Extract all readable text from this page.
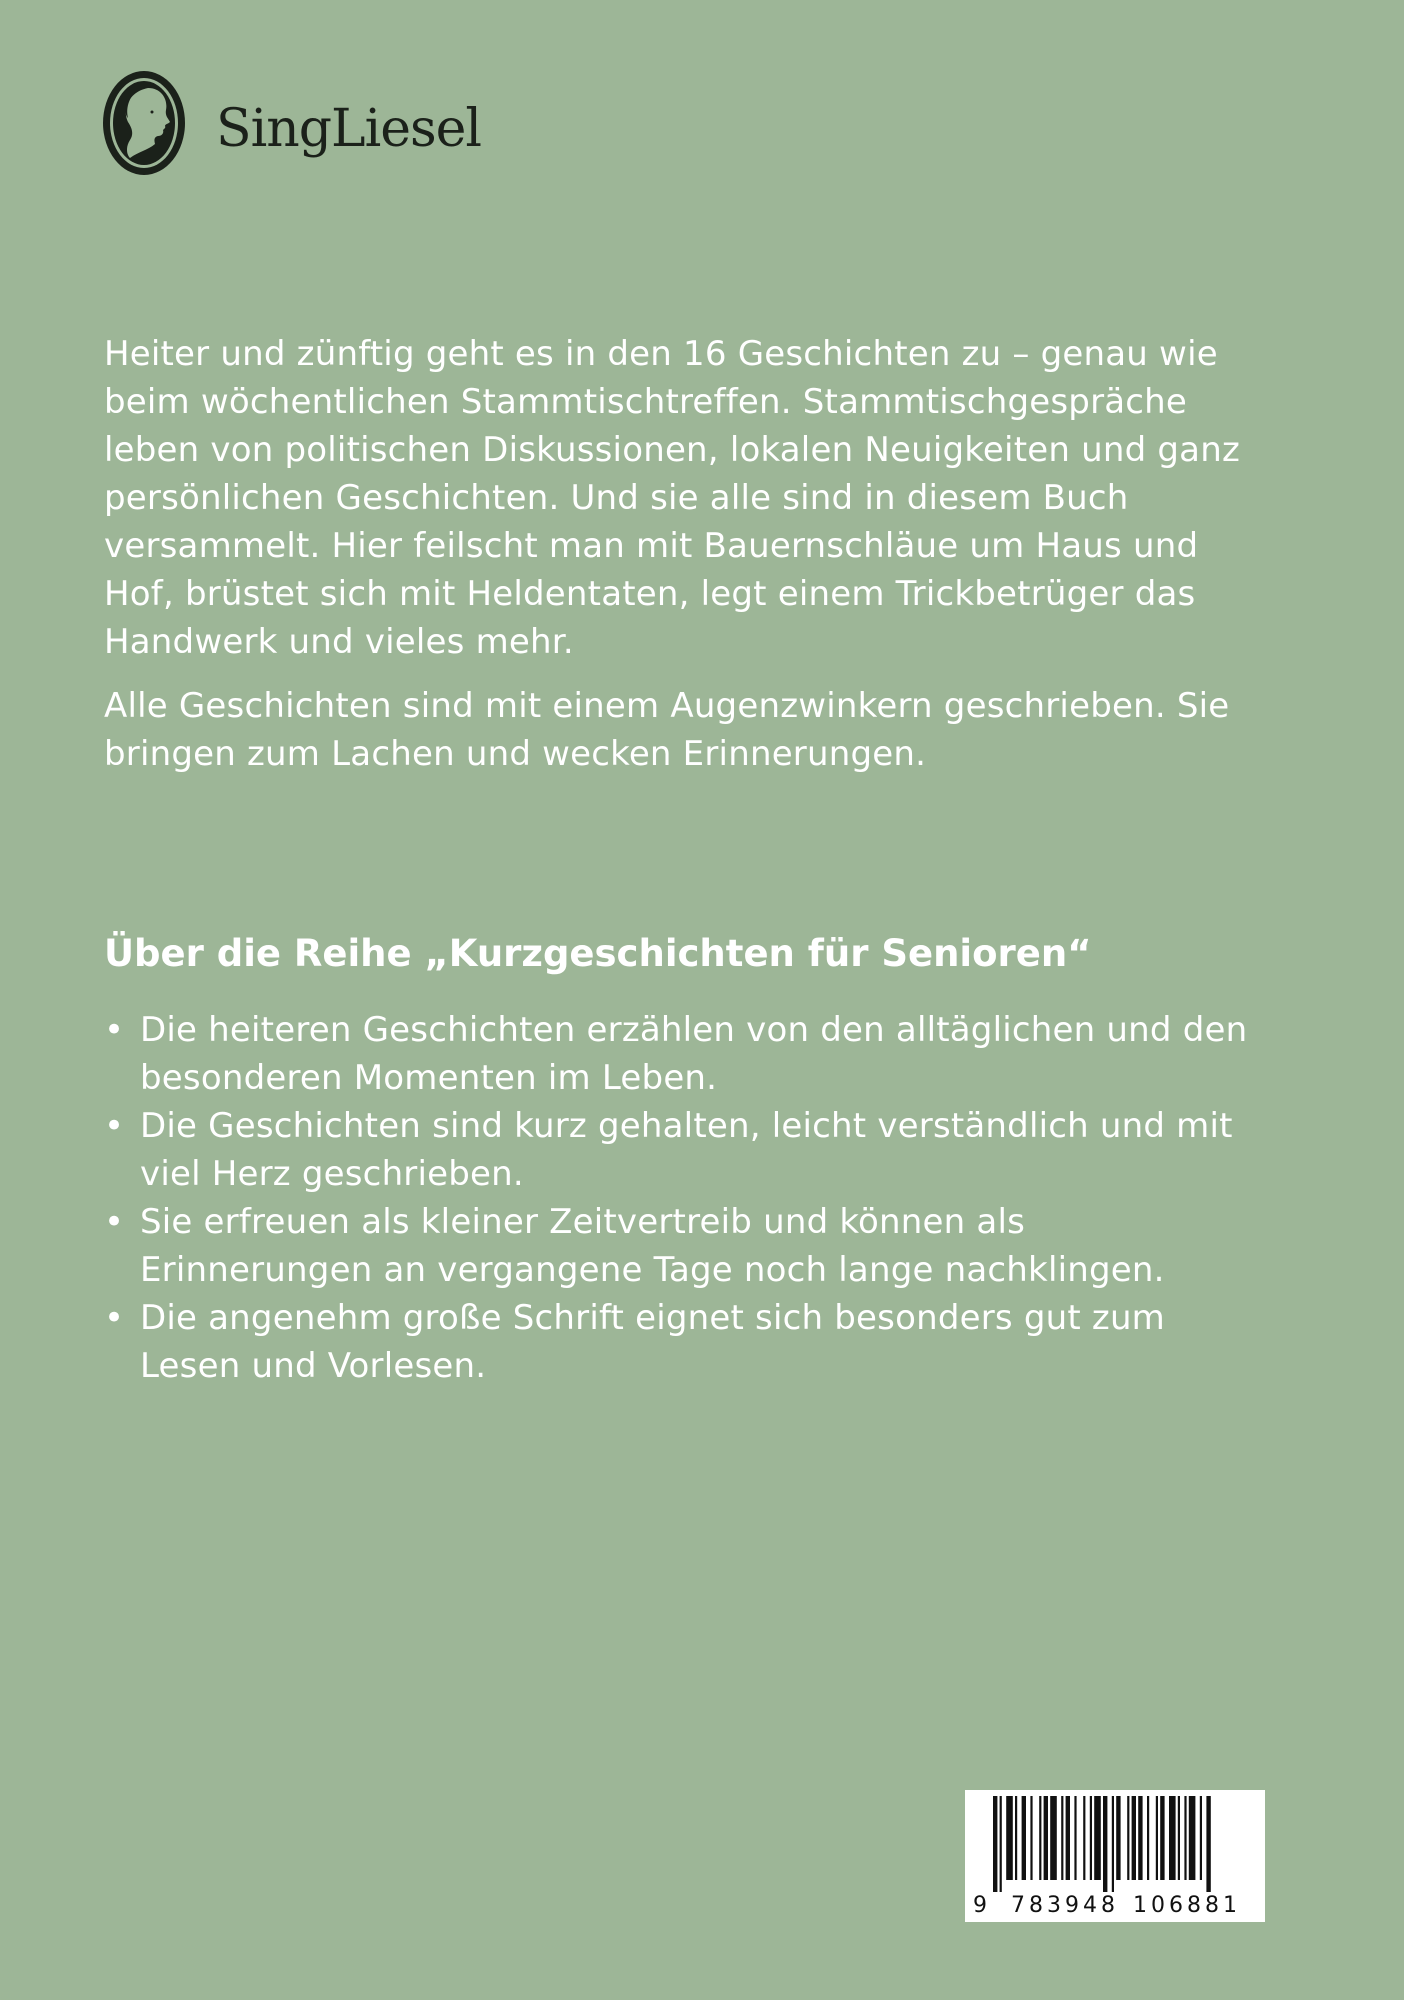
SingLiesel

Heiter und zünftig geht es in den 16 Geschichten zu – genau wie beim wöchentlichen Stammtischtreffen. Stammtischgespräche leben von politischen Diskussionen, lokalen Neuigkeiten und ganz persönlichen Geschichten. Und sie alle sind in diesem Buch versammelt. Hier feilscht man mit Bauernschläue um Haus und Hof, brüstet sich mit Heldentaten, legt einem Trickbetrüger das Handwerk und vieles mehr.

Alle Geschichten sind mit einem Augenzwinkern geschrieben. Sie bringen zum Lachen und wecken Erinnerungen.

Über die Reihe „Kurzgeschichten für Senioren“
• Die heiteren Geschichten erzählen von den alltäglichen und den besonderen Momenten im Leben.
• Die Geschichten sind kurz gehalten, leicht verständlich und mit viel Herz geschrieben.
• Sie erfreuen als kleiner Zeitvertreib und können als Erinnerungen an vergangene Tage noch lange nachklingen.
• Die angenehm große Schrift eignet sich besonders gut zum Lesen und Vorlesen.

9

783948

106881
